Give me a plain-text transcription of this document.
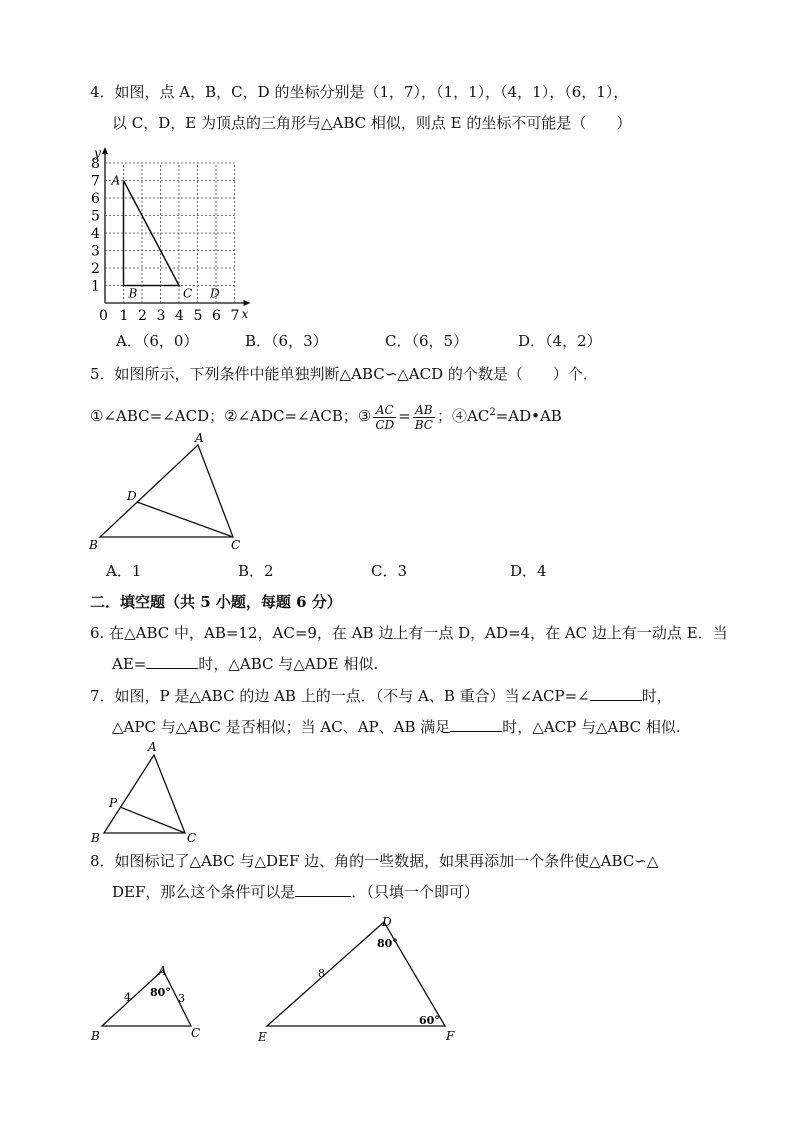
4．如图，点 A，B，C，D 的坐标分别是（1，7），（1，1），（4，1），（6，1），
以 C，D，E 为顶点的三角形与△ABC 相似，则点 E 的坐标不可能是（　　）
0 1 2 3 4 5 6 7
1
2
3
4
5
6
7
8
x
y
A
B	C D
A．（6，0）	B．（6，3）	C．（6，5）	D．（4，2）
5．如图所示，下列条件中能单独判断△ABC∽△ACD 的个数是（　　）个．
①∠ABC=∠ACD；②∠ADC=∠ACB；③ $\frac{AC}{CD} = \frac{AB}{BC}$ ；$④AC^2=AD•AB$
A
B	C
D
A．1	B．2	C．3	D．4
二．填空题（共 5 小题，每题 6 分）
6. 在△ABC 中，AB=12，AC=9，在 AB 边上有一点 D，AD=4，在 AC 边上有一动点 E．当
AE=	时，△ABC 与△ADE 相似.
7．如图，P 是△ABC 的边 AB 上的一点．（不与 A、B 重合）当∠ACP=∠	时，
△APC 与△ABC 是否相似；当 AC、AP、AB 满足	时，△ACP 与△ABC 相似.
A
B	C
P
8．如图标记了△ABC 与△DEF 边、角的一些数据，如果再添加一个条件使△ABC∽△
DEF，那么这个条件可以是	．（只填一个即可）
A
B	C
4	3
80°
D
E	F
8
80°
60°
